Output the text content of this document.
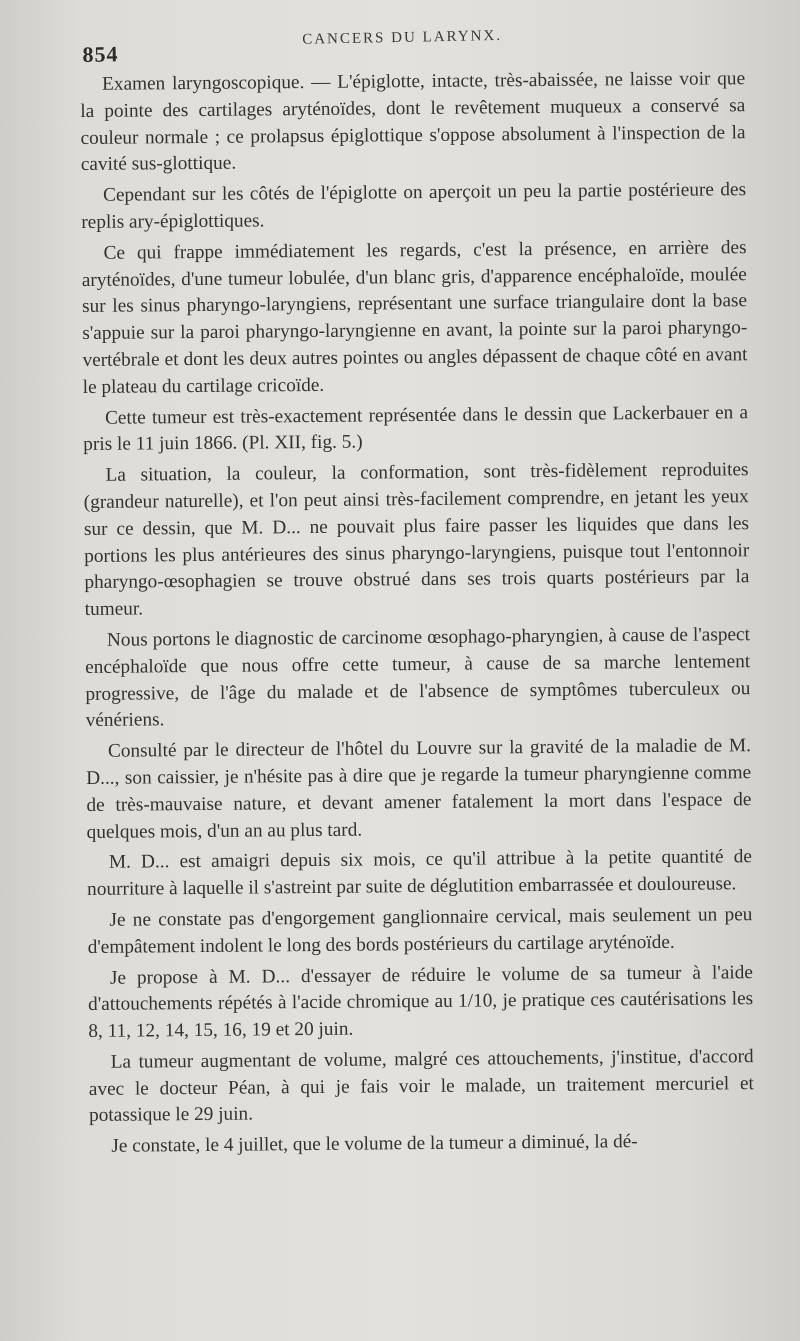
854
CANCERS DU LARYNX.

Examen laryngoscopique. — L'épiglotte, intacte, très-abaissée, ne laisse voir que la pointe des cartilages aryténoïdes, dont le revêtement muqueux a conservé sa couleur normale ; ce prolapsus épiglottique s'oppose absolument à l'inspection de la cavité sus-glottique.

Cependant sur les côtés de l'épiglotte on aperçoit un peu la partie postérieure des replis ary-épiglottiques.

Ce qui frappe immédiatement les regards, c'est la présence, en arrière des aryténoïdes, d'une tumeur lobulée, d'un blanc gris, d'apparence encéphaloïde, moulée sur les sinus pharyngo-laryngiens, représentant une surface triangulaire dont la base s'appuie sur la paroi pharyngo-laryngienne en avant, la pointe sur la paroi pharyngo-vertébrale et dont les deux autres pointes ou angles dépassent de chaque côté en avant le plateau du cartilage cricoïde.

Cette tumeur est très-exactement représentée dans le dessin que Lackerbauer en a pris le 11 juin 1866. (Pl. XII, fig. 5.)

La situation, la couleur, la conformation, sont très-fidèlement reproduites (grandeur naturelle), et l'on peut ainsi très-facilement comprendre, en jetant les yeux sur ce dessin, que M. D... ne pouvait plus faire passer les liquides que dans les portions les plus antérieures des sinus pharyngo-laryngiens, puisque tout l'entonnoir pharyngo-œsophagien se trouve obstrué dans ses trois quarts postérieurs par la tumeur.

Nous portons le diagnostic de carcinome œsophago-pharyngien, à cause de l'aspect encéphaloïde que nous offre cette tumeur, à cause de sa marche lentement progressive, de l'âge du malade et de l'absence de symptômes tuberculeux ou vénériens.

Consulté par le directeur de l'hôtel du Louvre sur la gravité de la maladie de M. D..., son caissier, je n'hésite pas à dire que je regarde la tumeur pharyngienne comme de très-mauvaise nature, et devant amener fatalement la mort dans l'espace de quelques mois, d'un an au plus tard.

M. D... est amaigri depuis six mois, ce qu'il attribue à la petite quantité de nourriture à laquelle il s'astreint par suite de déglutition embarrassée et douloureuse.

Je ne constate pas d'engorgement ganglionnaire cervical, mais seulement un peu d'empâtement indolent le long des bords postérieurs du cartilage aryténoïde.

Je propose à M. D... d'essayer de réduire le volume de sa tumeur à l'aide d'attouchements répétés à l'acide chromique au 1/10, je pratique ces cautérisations les 8, 11, 12, 14, 15, 16, 19 et 20 juin.

La tumeur augmentant de volume, malgré ces attouchements, j'institue, d'accord avec le docteur Péan, à qui je fais voir le malade, un traitement mercuriel et potassique le 29 juin.

Je constate, le 4 juillet, que le volume de la tumeur a diminué, la dé-
